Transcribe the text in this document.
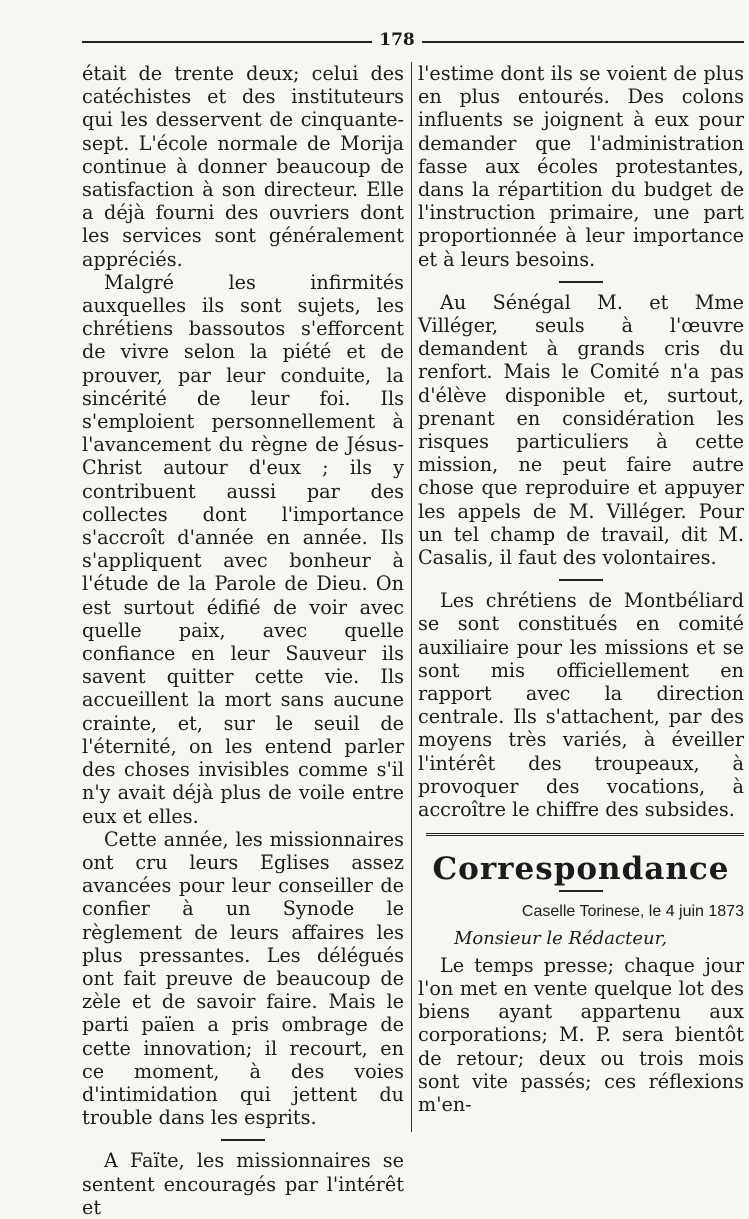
178

était de trente deux; celui des catéchistes et des instituteurs qui les desservent de cinquante-sept. L'école normale de Morija continue à donner beaucoup de satisfaction à son directeur. Elle a déjà fourni des ouvriers dont les services sont généralement appréciés.

Malgré les infirmités auxquelles ils sont sujets, les chrétiens bassoutos s'efforcent de vivre selon la piété et de prouver, par leur conduite, la sincérité de leur foi. Ils s'emploient personnellement à l'avancement du règne de Jésus-Christ autour d'eux ; ils y contribuent aussi par des collectes dont l'importance s'accroît d'année en année. Ils s'appliquent avec bonheur à l'étude de la Parole de Dieu. On est surtout édifié de voir avec quelle paix, avec quelle confiance en leur Sauveur ils savent quitter cette vie. Ils accueillent la mort sans aucune crainte, et, sur le seuil de l'éternité, on les entend parler des choses invisibles comme s'il n'y avait déjà plus de voile entre eux et elles.

Cette année, les missionnaires ont cru leurs Eglises assez avancées pour leur conseiller de confier à un Synode le règlement de leurs affaires les plus pressantes. Les délégués ont fait preuve de beaucoup de zèle et de savoir faire. Mais le parti païen a pris ombrage de cette innovation; il recourt, en ce moment, à des voies d'intimidation qui jettent du trouble dans les esprits.

A Faïte, les missionnaires se sentent encouragés par l'intérêt et

l'estime dont ils se voient de plus en plus entourés. Des colons influents se joignent à eux pour demander que l'administration fasse aux écoles protestantes, dans la répartition du budget de l'instruction primaire, une part proportionnée à leur importance et à leurs besoins.

Au Sénégal M. et Mme Villéger, seuls à l'œuvre demandent à grands cris du renfort. Mais le Comité n'a pas d'élève disponible et, surtout, prenant en considération les risques particuliers à cette mission, ne peut faire autre chose que reproduire et appuyer les appels de M. Villéger. Pour un tel champ de travail, dit M. Casalis, il faut des volontaires.

Les chrétiens de Montbéliard se sont constitués en comité auxiliaire pour les missions et se sont mis officiellement en rapport avec la direction centrale. Ils s'attachent, par des moyens très variés, à éveiller l'intérêt des troupeaux, à provoquer des vocations, à accroître le chiffre des subsides.

Correspondance
Caselle Torinese, le 4 juin 1873
Monsieur le Rédacteur,

Le temps presse; chaque jour l'on met en vente quelque lot des biens ayant appartenu aux corporations; M. P. sera bientôt de retour; deux ou trois mois sont vite passés; ces réflexions m'en-
